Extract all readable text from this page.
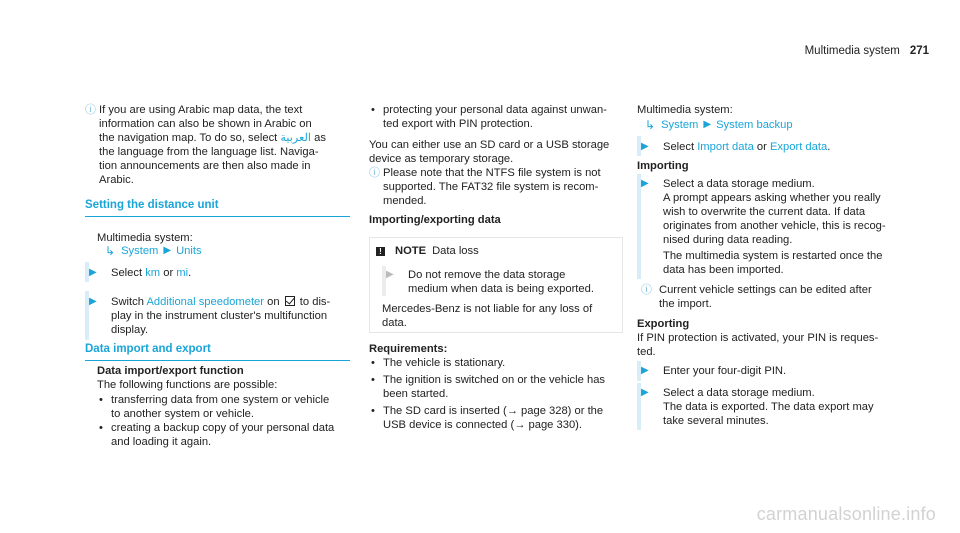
Multimedia system 271
ⓘ If you are using Arabic map data, the text

information can also be shown in Arabic on

the navigation map. To do so, select العربية as

the language from the language list. Naviga-

tion announcements are then also made in

Arabic.

Setting the distance unit

Multimedia system:

↳ System ▶ Units
▶	Select km or mi.

▶	Switch Additional speedometer on  to dis-

play in the instrument cluster's multifunction

display.

Data import and export

Data import/export function

The following functions are possible:

• transferring data from one system or vehicle

to another system or vehicle.

• creating a backup copy of your personal data

and loading it again.

• protecting your personal data against unwan-

ted export with PIN protection.

You can either use an SD card or a USB storage

device as temporary storage.

ⓘ Please note that the NTFS file system is not

supported. The FAT32 file system is recom-

mended.

Importing/exporting data

! NOTE Data loss
▶	Do not remove the data storage

medium when data is being exported.

Mercedes-Benz is not liable for any loss of

data.

Requirements:

• The vehicle is stationary.

• The ignition is switched on or the vehicle has

been started.

• The SD card is inserted (→ page 328) or the

USB device is connected (→ page 330).

Multimedia system:

↳ System ▶ System backup
▶	Select Import data or Export data.

Importing

▶	Select a data storage medium.

A prompt appears asking whether you really

wish to overwrite the current data. If data

originates from another vehicle, this is recog-

nised during data reading.

The multimedia system is restarted once the

data has been imported.

ⓘ Current vehicle settings can be edited after

the import.

Exporting

If PIN protection is activated, your PIN is reques-

ted.

▶	Enter your four-digit PIN.

▶	Select a data storage medium.

The data is exported. The data export may

take several minutes.

carmanualsonline.info
